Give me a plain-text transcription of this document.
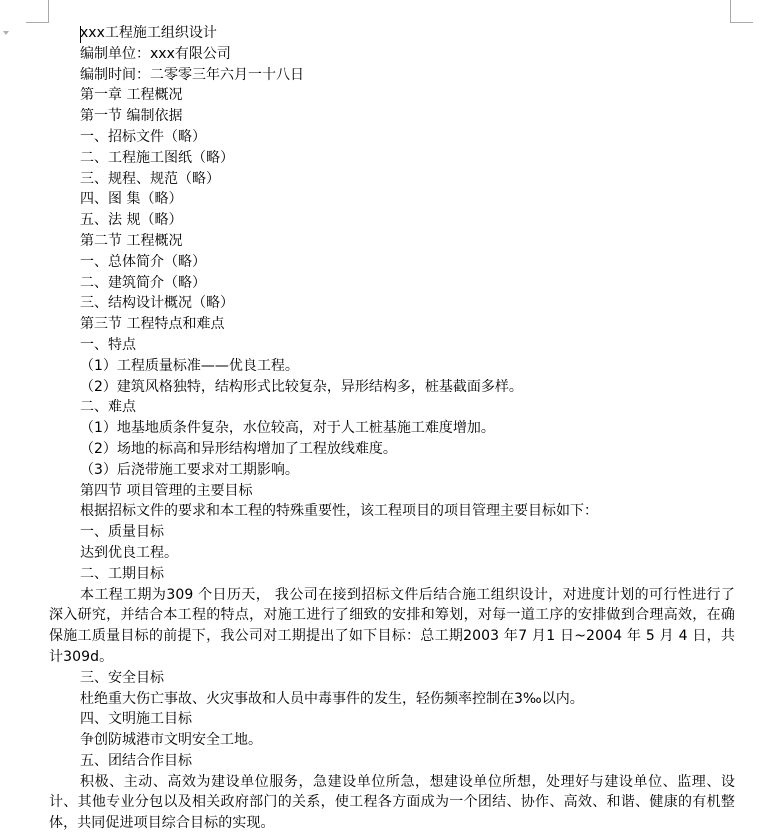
xxx工程施工组织设计
编制单位：xxx有限公司
编制时间：二零零三年六月一十八日
第一章 工程概况
第一节 编制依据
一、招标文件（略）
二、工程施工图纸（略）
三、规程、规范（略）
四、图 集（略）
五、法 规（略）
第二节 工程概况
一、总体简介（略）
二、建筑简介（略）
三、结构设计概况（略）
第三节 工程特点和难点
一、特点
（1）工程质量标准——优良工程。
（2）建筑风格独特，结构形式比较复杂，异形结构多，桩基截面多样。
二、难点
（1）地基地质条件复杂，水位较高，对于人工桩基施工难度增加。
（2）场地的标高和异形结构增加了工程放线难度。
（3）后浇带施工要求对工期影响。
第四节 项目管理的主要目标
根据招标文件的要求和本工程的特殊重要性，该工程项目的项目管理主要目标如下：
一、质量目标
达到优良工程。
二、工期目标
本工程工期为309 个日历天， 我公司在接到招标文件后结合施工组织设计，对进度计划的可行性进行了深入研究，并结合本工程的特点，对施工进行了细致的安排和筹划，对每一道工序的安排做到合理高效，在确保施工质量目标的前提下，我公司对工期提出了如下目标：总工期2003 年7 月1 日~2004 年 5 月 4 日，共计309d。
三、安全目标
杜绝重大伤亡事故、火灾事故和人员中毒事件的发生，轻伤频率控制在3‰以内。
四、文明施工目标
争创防城港市文明安全工地。
五、团结合作目标
积极、主动、高效为建设单位服务，急建设单位所急，想建设单位所想，处理好与建设单位、监理、设计、其他专业分包以及相关政府部门的关系，使工程各方面成为一个团结、协作、高效、和谐、健康的有机整体，共同促进项目综合目标的实现。
